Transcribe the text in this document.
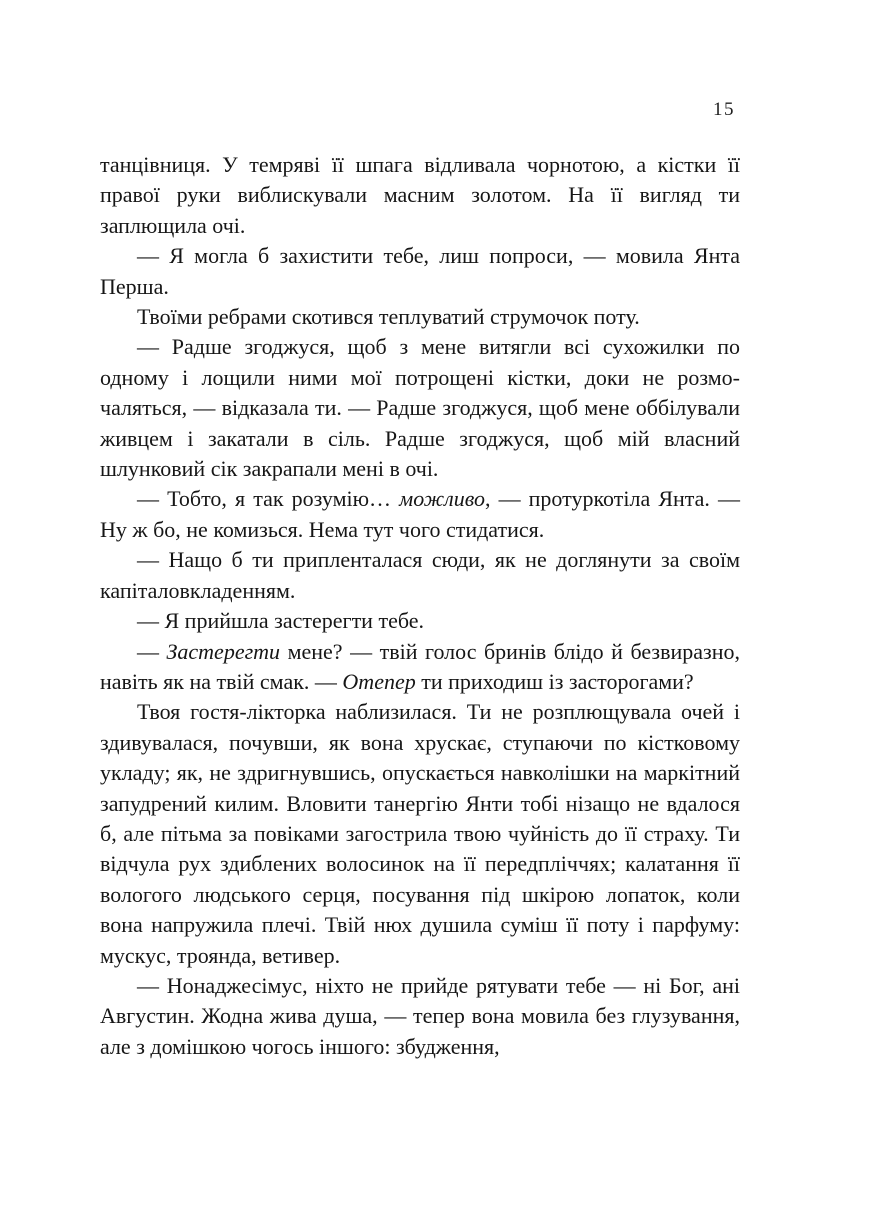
15

танцівниця. У темряві її шпага відливала чорнотою, а кістки її правої руки виблискували масним золотом. На її вигляд ти заплющила очі.

— Я могла б захистити тебе, лиш попроси, — мовила Янта Перша.

Твоїми ребрами скотився теплуватий струмочок поту.

— Радше згоджуся, щоб з мене витягли всі сухожилки по одному і лощили ними мої потрощені кістки, доки не розмочаляться, — відказала ти. — Радше згоджуся, щоб мене оббілували живцем і закатали в сіль. Радше згоджуся, щоб мій власний шлунковий сік закрапали мені в очі.

— Тобто, я так розумію… можливо, — протуркотіла Янта. — Ну ж бо, не комизься. Нема тут чого стидатися.

— Нащо б ти припленталася сюди, як не доглянути за своїм капіталовкладенням.

— Я прийшла застерегти тебе.

— Застерегти мене? — твій голос бринів блідо й безвиразно, навіть як на твій смак. — Отепер ти приходиш із засторогами?

Твоя гостя-лікторка наблизилася. Ти не розплющувала очей і здивувалася, почувши, як вона хрускає, ступаючи по кістковому укладу; як, не здригнувшись, опускається навколішки на маркітний запудрений килим. Вловити танергію Янти тобі нізащо не вдалося б, але пітьма за повіками загострила твою чуйність до її страху. Ти відчула рух здиблених волосинок на її передпліччях; калатання її вологого людського серця, посування під шкірою лопаток, коли вона напружила плечі. Твій нюх душила суміш її поту і парфуму: мускус, троянда, ветивер.

— Нонаджесімус, ніхто не прийде рятувати тебе — ні Бог, ані Августин. Жодна жива душа, — тепер вона мовила без глузування, але з домішкою чогось іншого: збудження,
